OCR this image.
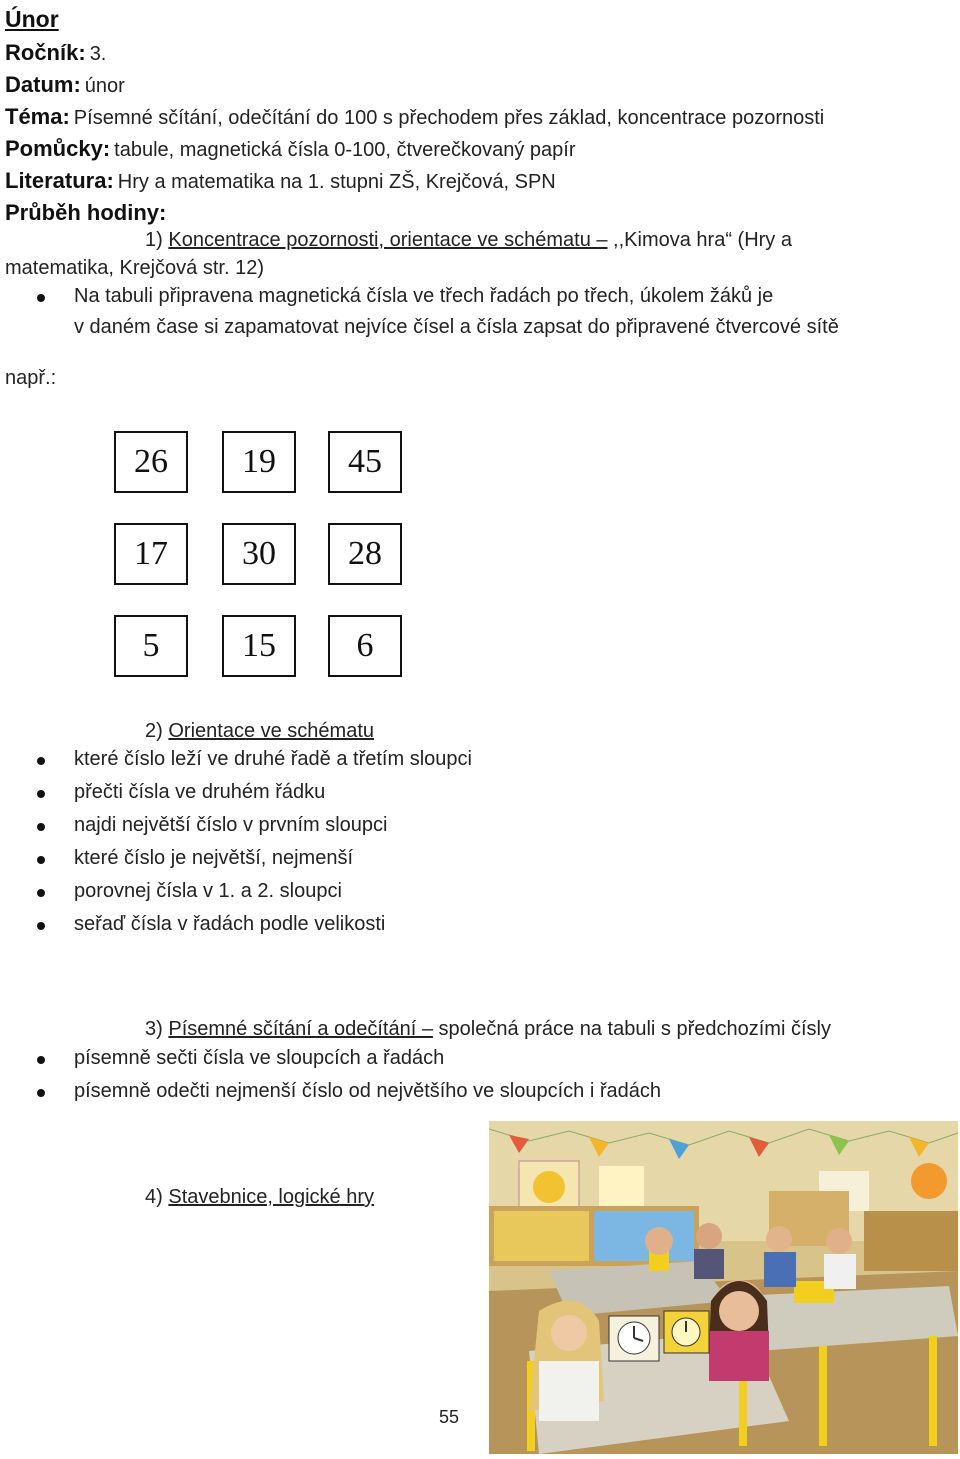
Únor
Ročník: 3.
Datum: únor
Téma: Písemné sčítání, odečítání do 100 s přechodem přes základ, koncentrace pozornosti
Pomůcky: tabule, magnetická čísla 0-100, čtverečkovaný papír
Literatura: Hry a matematika na 1. stupni ZŠ, Krejčová, SPN
Průběh hodiny:
1) Koncentrace pozornosti, orientace ve schématu – ,,Kimova hra“ (Hry a
matematika, Krejčová str. 12)
Na tabuli připravena magnetická čísla ve třech řadách po třech, úkolem žáků je
v daném čase si zapamatovat nejvíce čísel a čísla zapsat do připravené čtvercové sítě
např.:
26	19	45
17	30	28
5	15	6
2) Orientace ve schématu
které číslo leží ve druhé řadě a třetím sloupci
přečti čísla ve druhém řádku
najdi největší číslo v prvním sloupci
které číslo je největší, nejmenší
porovnej čísla v 1. a 2. sloupci
seřaď čísla v řadách podle velikosti
3) Písemné sčítání a odečítání – společná práce na tabuli s předchozími čísly
písemně sečti čísla ve sloupcích a řadách
písemně odečti nejmenší číslo od největšího ve sloupcích i řadách
4) Stavebnice, logické hry
55
